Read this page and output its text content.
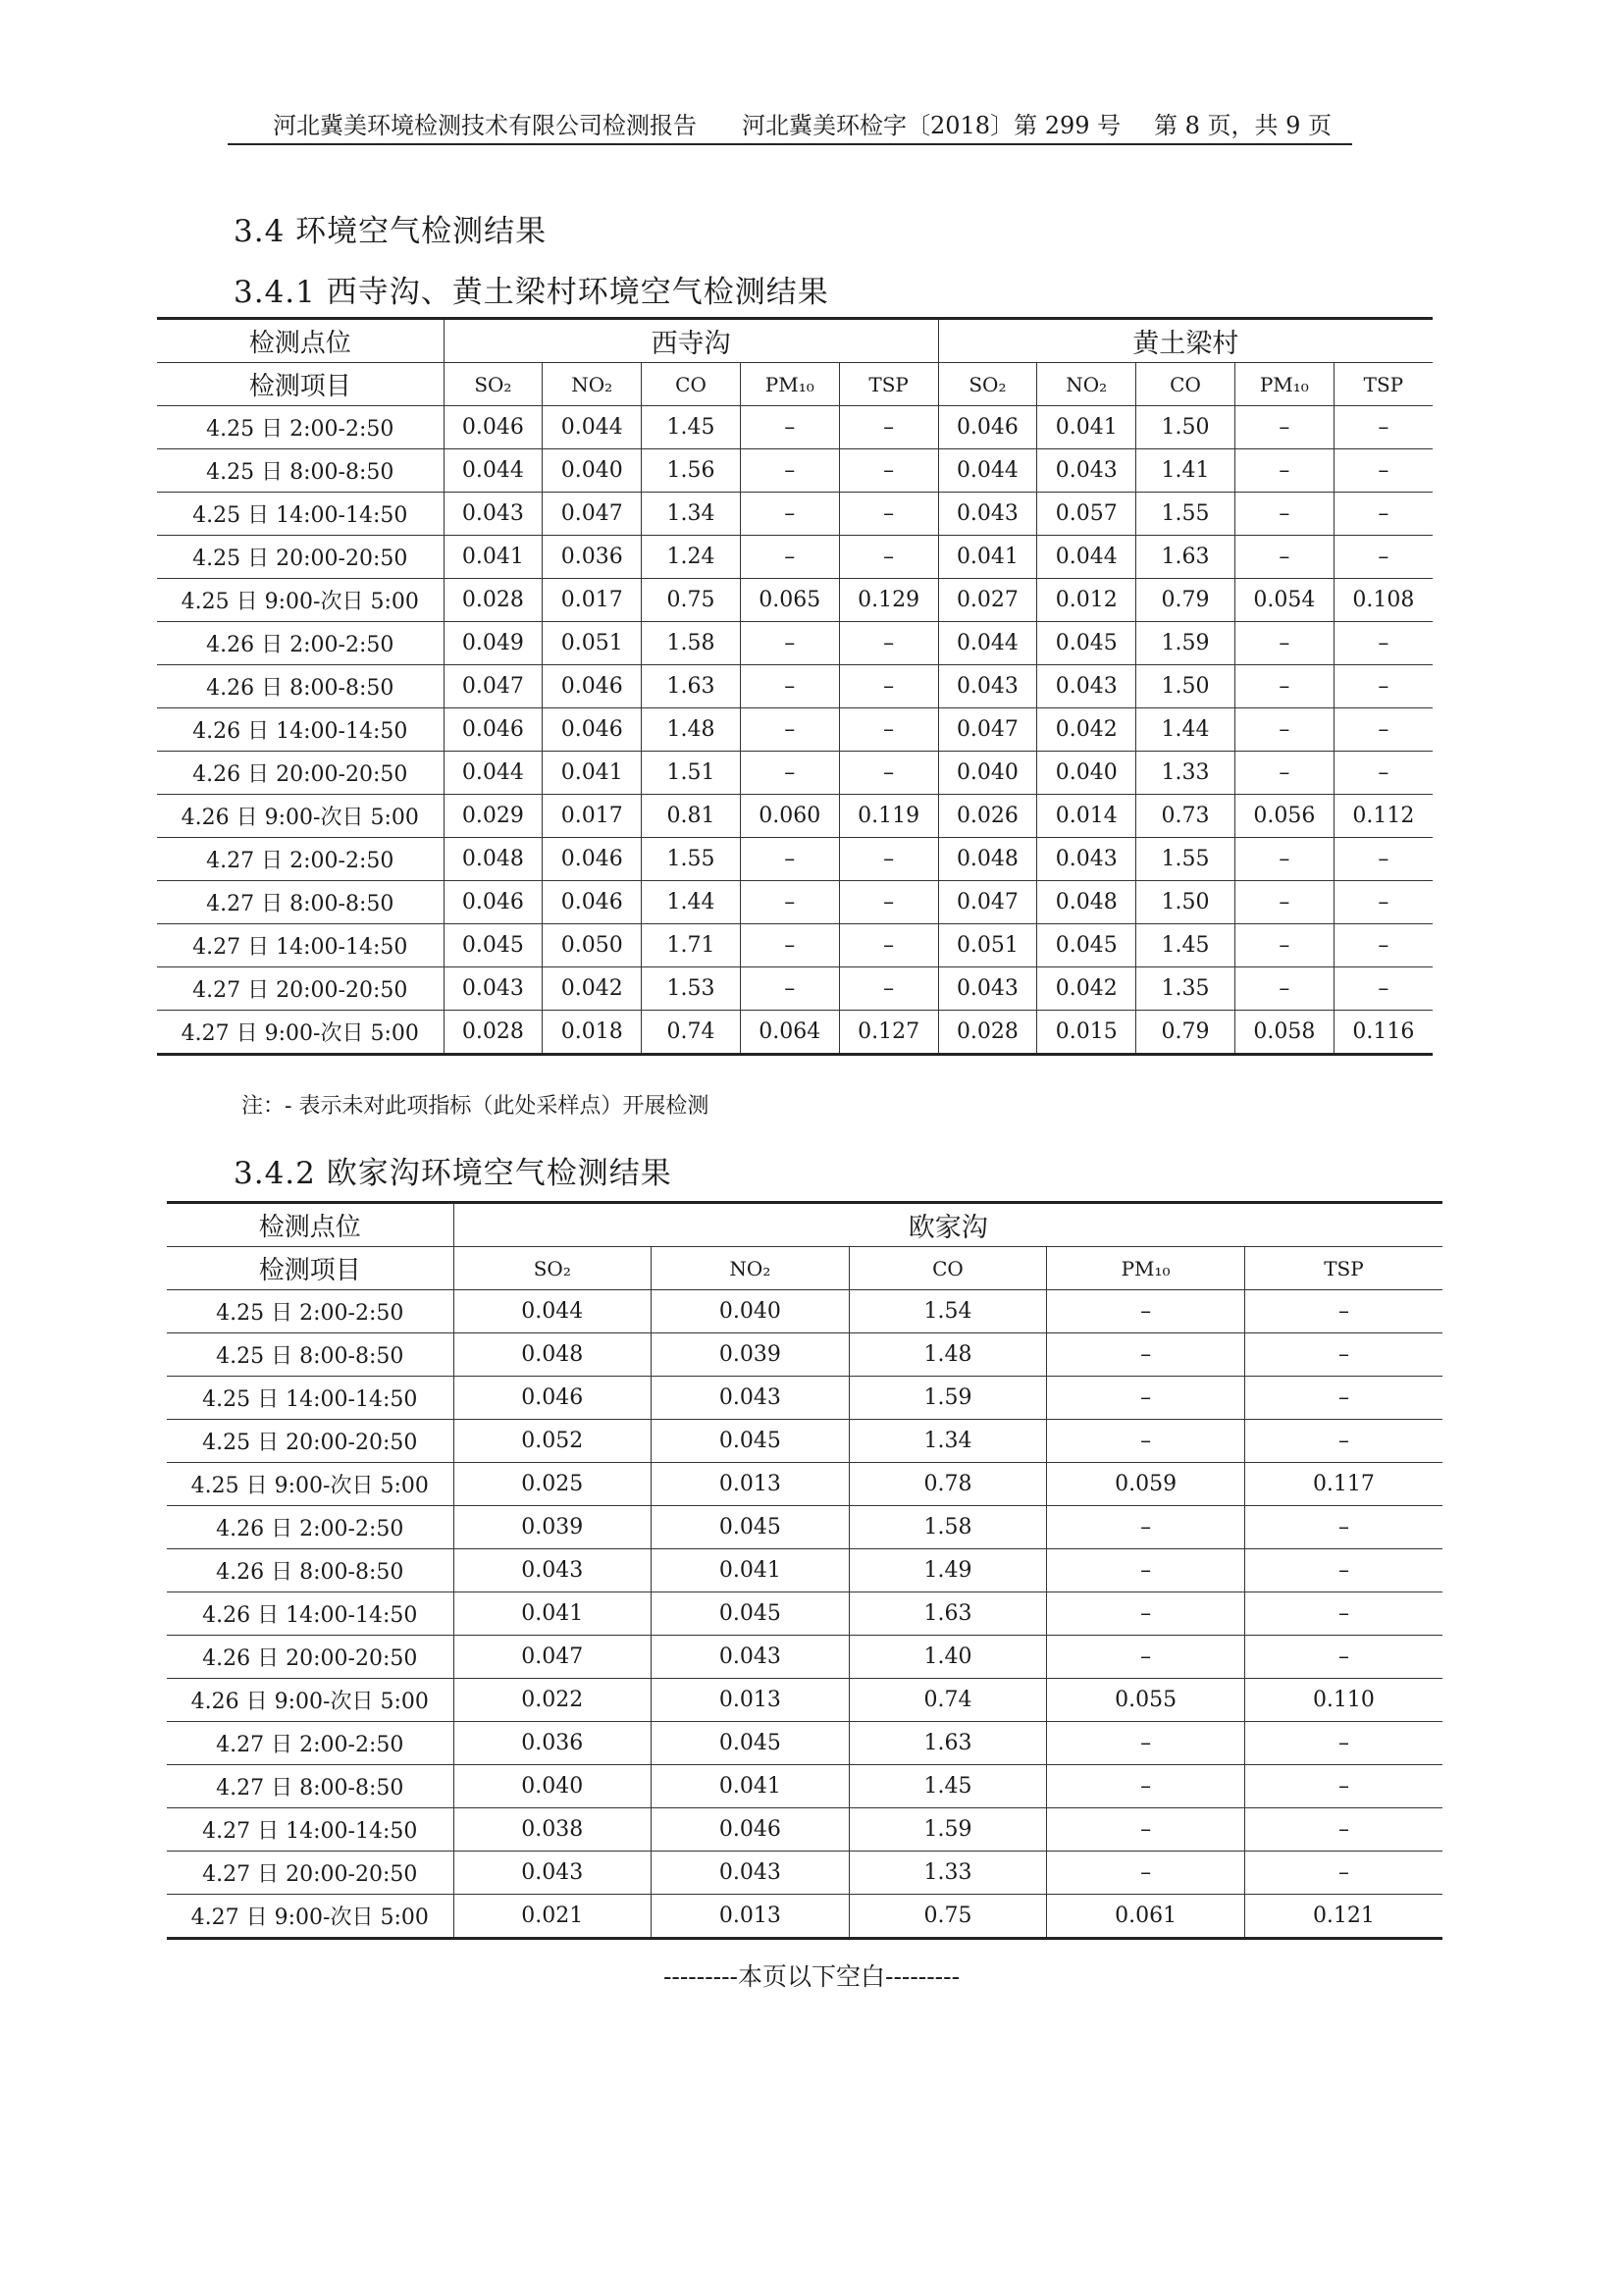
河北冀美环境检测技术有限公司检测报告 河北冀美环检字〔2018〕第 299 号 第 8 页，共 9 页
3.4 环境空气检测结果
3.4.1 西寺沟、黄土梁村环境空气检测结果
检测点位	西寺沟					黄土梁村				
检测项目	SO₂	NO₂	CO	PM₁₀	TSP	SO₂	NO₂	CO	PM₁₀	TSP
4.25 日 2:00-2:50	0.046	0.044	1.45	–	–	0.046	0.041	1.50	–	–
4.25 日 8:00-8:50	0.044	0.040	1.56	–	–	0.044	0.043	1.41	–	–
4.25 日 14:00-14:50	0.043	0.047	1.34	–	–	0.043	0.057	1.55	–	–
4.25 日 20:00-20:50	0.041	0.036	1.24	–	–	0.041	0.044	1.63	–	–
4.25 日 9:00-次日 5:00	0.028	0.017	0.75	0.065	0.129	0.027	0.012	0.79	0.054	0.108
4.26 日 2:00-2:50	0.049	0.051	1.58	–	–	0.044	0.045	1.59	–	–
4.26 日 8:00-8:50	0.047	0.046	1.63	–	–	0.043	0.043	1.50	–	–
4.26 日 14:00-14:50	0.046	0.046	1.48	–	–	0.047	0.042	1.44	–	–
4.26 日 20:00-20:50	0.044	0.041	1.51	–	–	0.040	0.040	1.33	–	–
4.26 日 9:00-次日 5:00	0.029	0.017	0.81	0.060	0.119	0.026	0.014	0.73	0.056	0.112
4.27 日 2:00-2:50	0.048	0.046	1.55	–	–	0.048	0.043	1.55	–	–
4.27 日 8:00-8:50	0.046	0.046	1.44	–	–	0.047	0.048	1.50	–	–
4.27 日 14:00-14:50	0.045	0.050	1.71	–	–	0.051	0.045	1.45	–	–
4.27 日 20:00-20:50	0.043	0.042	1.53	–	–	0.043	0.042	1.35	–	–
4.27 日 9:00-次日 5:00	0.028	0.018	0.74	0.064	0.127	0.028	0.015	0.79	0.058	0.116
注：- 表示未对此项指标（此处采样点）开展检测
3.4.2 欧家沟环境空气检测结果
检测点位	欧家沟				
检测项目	SO₂	NO₂	CO	PM₁₀	TSP
4.25 日 2:00-2:50	0.044	0.040	1.54	–	–
4.25 日 8:00-8:50	0.048	0.039	1.48	–	–
4.25 日 14:00-14:50	0.046	0.043	1.59	–	–
4.25 日 20:00-20:50	0.052	0.045	1.34	–	–
4.25 日 9:00-次日 5:00	0.025	0.013	0.78	0.059	0.117
4.26 日 2:00-2:50	0.039	0.045	1.58	–	–
4.26 日 8:00-8:50	0.043	0.041	1.49	–	–
4.26 日 14:00-14:50	0.041	0.045	1.63	–	–
4.26 日 20:00-20:50	0.047	0.043	1.40	–	–
4.26 日 9:00-次日 5:00	0.022	0.013	0.74	0.055	0.110
4.27 日 2:00-2:50	0.036	0.045	1.63	–	–
4.27 日 8:00-8:50	0.040	0.041	1.45	–	–
4.27 日 14:00-14:50	0.038	0.046	1.59	–	–
4.27 日 20:00-20:50	0.043	0.043	1.33	–	–
4.27 日 9:00-次日 5:00	0.021	0.013	0.75	0.061	0.121
---------本页以下空白---------
